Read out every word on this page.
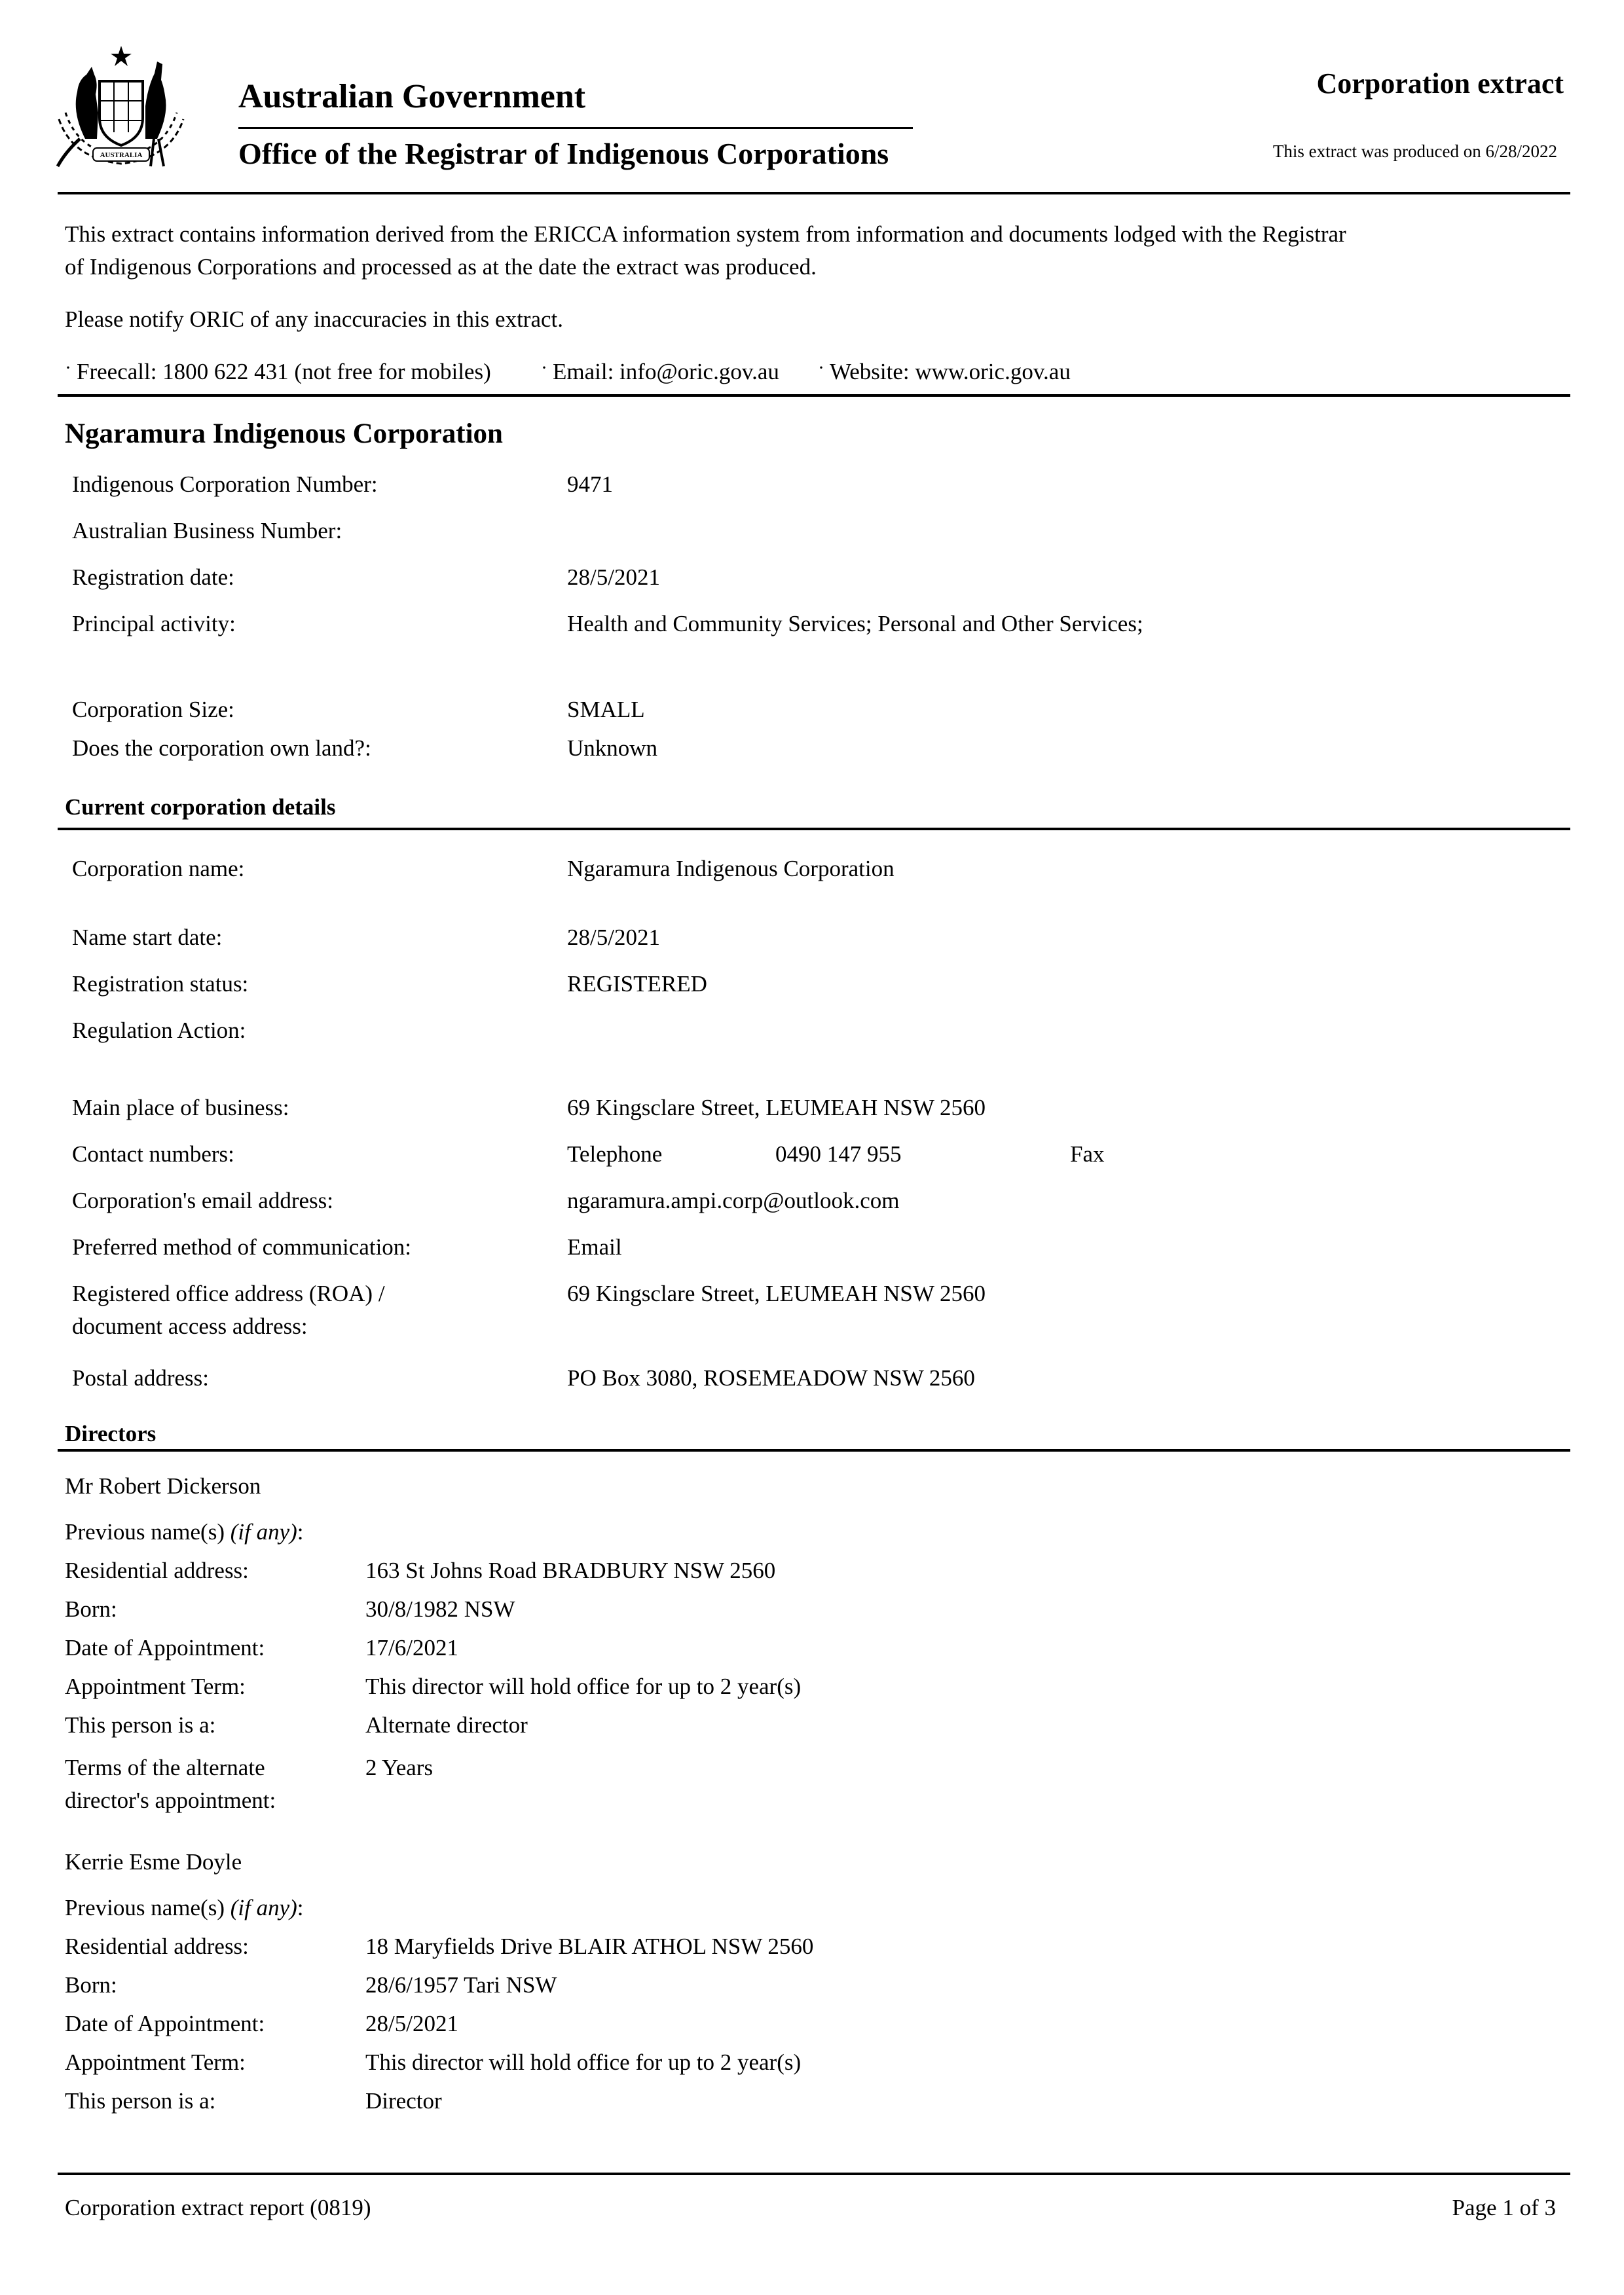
AUSTRALIA
Australian Government
Office of the Registrar of Indigenous Corporations
Corporation extract
This extract was produced on 6/28/2022
This extract contains information derived from the ERICCA information system from information and documents lodged with the Registrar
of Indigenous Corporations and processed as at the date the extract was produced.
Please notify ORIC of any inaccuracies in this extract.
· Freecall: 1800 622 431 (not free for mobiles)	· Email: info@oric.gov.au · Website: www.oric.gov.au
Ngaramura Indigenous Corporation
Indigenous Corporation Number:	9471
Australian Business Number:
Registration date:	28/5/2021
Principal activity:	Health and Community Services; Personal and Other Services;
Corporation Size:	SMALL
Does the corporation own land?:	Unknown
Current corporation details
Corporation name:	Ngaramura Indigenous Corporation
Name start date:	28/5/2021
Registration status:	REGISTERED
Regulation Action:
Main place of business:	69 Kingsclare Street, LEUMEAH NSW 2560
Contact numbers:	Telephone	0490 147 955	Fax
Corporation's email address:	ngaramura.ampi.corp@outlook.com
Preferred method of communication:	Email
Registered office address (ROA) /
document access address:
69 Kingsclare Street, LEUMEAH NSW 2560
Postal address:	PO Box 3080, ROSEMEADOW NSW 2560
Directors
Mr Robert Dickerson
Previous name(s) (if any):
Residential address:	163 St Johns Road BRADBURY NSW 2560
Born:	30/8/1982 NSW
Date of Appointment:	17/6/2021
Appointment Term:	This director will hold office for up to 2 year(s)
This person is a:	Alternate director
Terms of the alternate
director's appointment:
2 Years
Kerrie Esme Doyle
Previous name(s) (if any):
Residential address:	18 Maryfields Drive BLAIR ATHOL NSW 2560
Born:	28/6/1957 Tari NSW
Date of Appointment:	28/5/2021
Appointment Term:	This director will hold office for up to 2 year(s)
This person is a:	Director
Corporation extract report (0819)	Page 1 of 3
